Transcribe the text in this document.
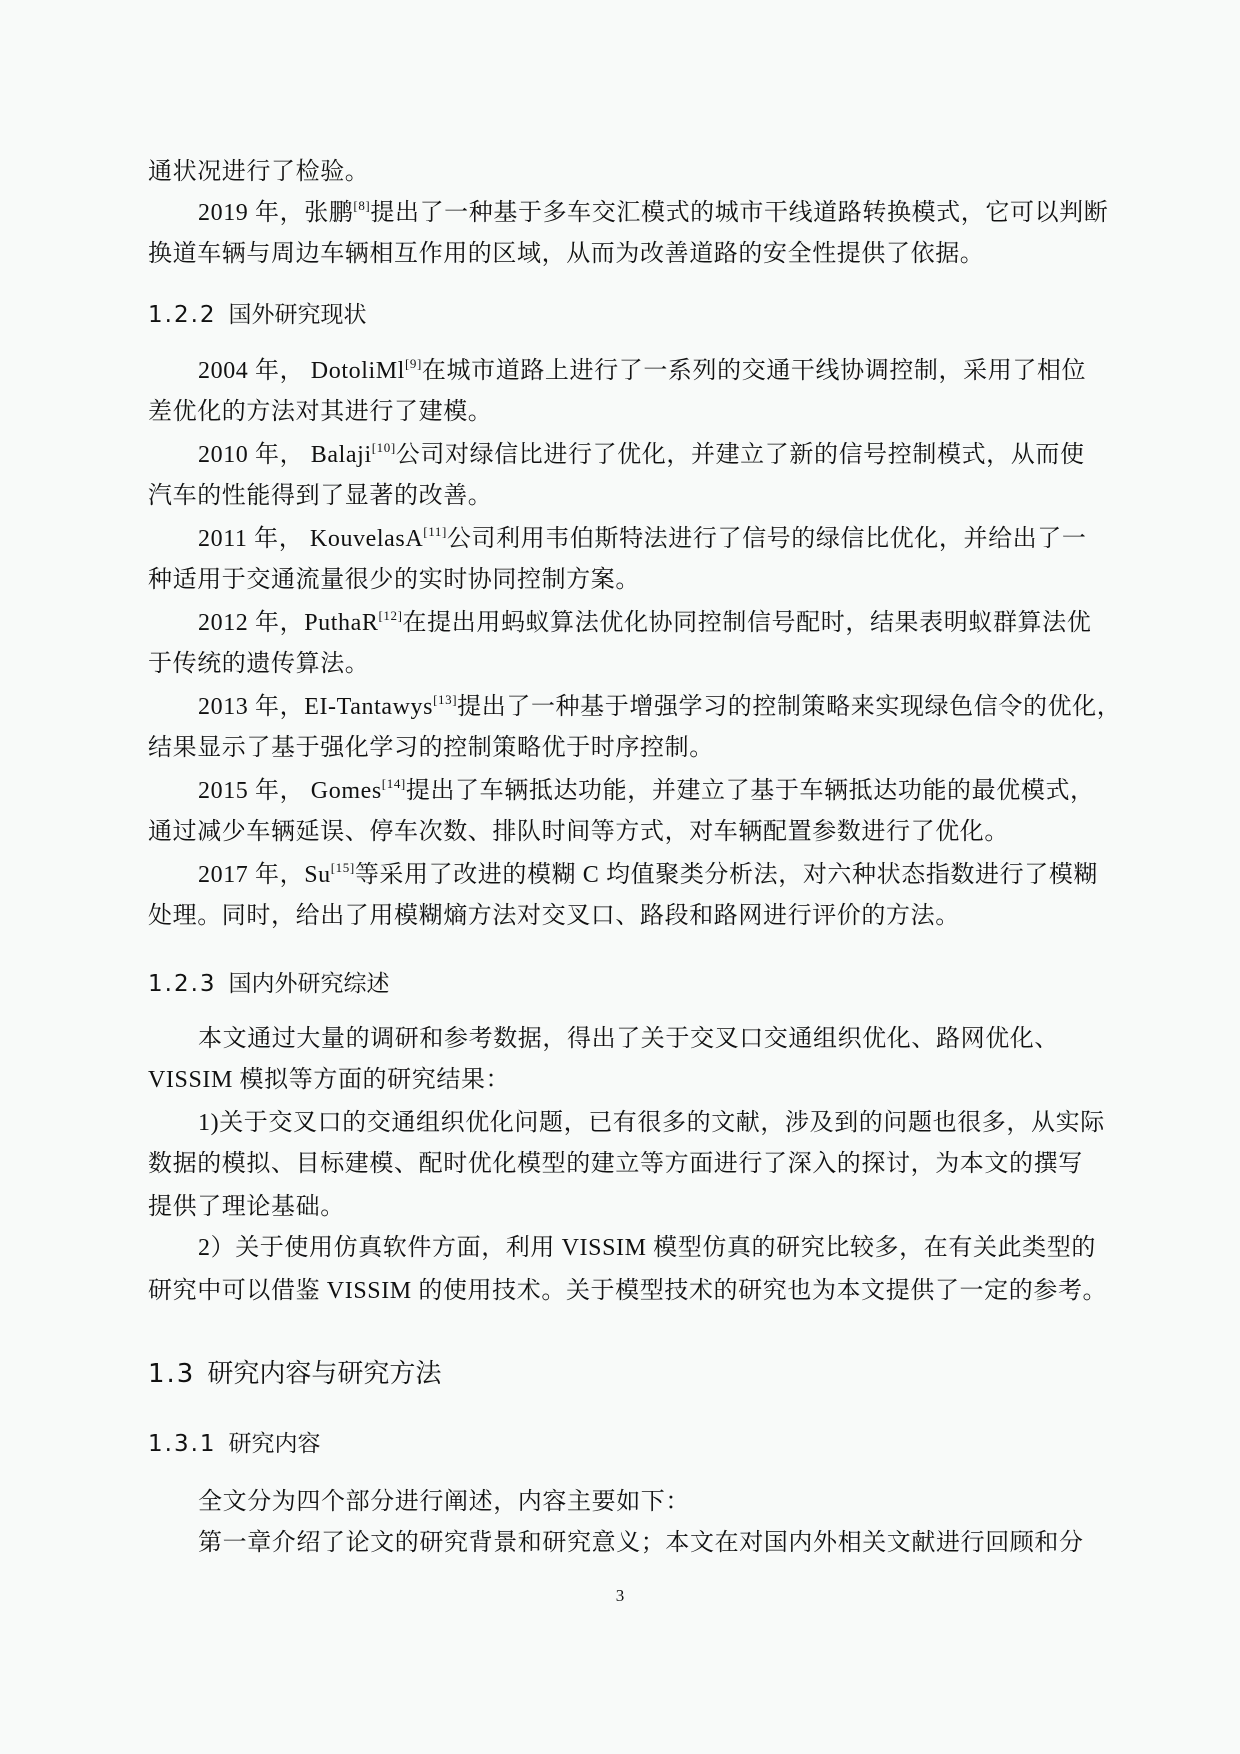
通状况进行了检验。
2019 年，张鹏[8]提出了一种基于多车交汇模式的城市干线道路转换模式，它可以判断
换道车辆与周边车辆相互作用的区域，从而为改善道路的安全性提供了依据。
1.2.2 国外研究现状
2004 年， DotoliMl[9]在城市道路上进行了一系列的交通干线协调控制，采用了相位
差优化的方法对其进行了建模。
2010 年， Balaji[10]公司对绿信比进行了优化，并建立了新的信号控制模式，从而使
汽车的性能得到了显著的改善。
2011 年， KouvelasA[11]公司利用韦伯斯特法进行了信号的绿信比优化，并给出了一
种适用于交通流量很少的实时协同控制方案。
2012 年，PuthaR[12]在提出用蚂蚁算法优化协同控制信号配时，结果表明蚁群算法优
于传统的遗传算法。
2013 年，EI-Tantawys[13]提出了一种基于增强学习的控制策略来实现绿色信令的优化，
结果显示了基于强化学习的控制策略优于时序控制。
2015 年， Gomes[14]提出了车辆抵达功能，并建立了基于车辆抵达功能的最优模式，
通过减少车辆延误、停车次数、排队时间等方式，对车辆配置参数进行了优化。
2017 年，Su[15]等采用了改进的模糊 C 均值聚类分析法，对六种状态指数进行了模糊
处理。同时，给出了用模糊熵方法对交叉口、路段和路网进行评价的方法。
1.2.3 国内外研究综述
本文通过大量的调研和参考数据，得出了关于交叉口交通组织优化、路网优化、
VISSIM 模拟等方面的研究结果：
1)关于交叉口的交通组织优化问题，已有很多的文献，涉及到的问题也很多，从实际
数据的模拟、目标建模、配时优化模型的建立等方面进行了深入的探讨，为本文的撰写
提供了理论基础。
2）关于使用仿真软件方面，利用 VISSIM 模型仿真的研究比较多，在有关此类型的
研究中可以借鉴 VISSIM 的使用技术。关于模型技术的研究也为本文提供了一定的参考。
1.3 研究内容与研究方法
1.3.1 研究内容
全文分为四个部分进行阐述，内容主要如下：
第一章介绍了论文的研究背景和研究意义；本文在对国内外相关文献进行回顾和分
3
